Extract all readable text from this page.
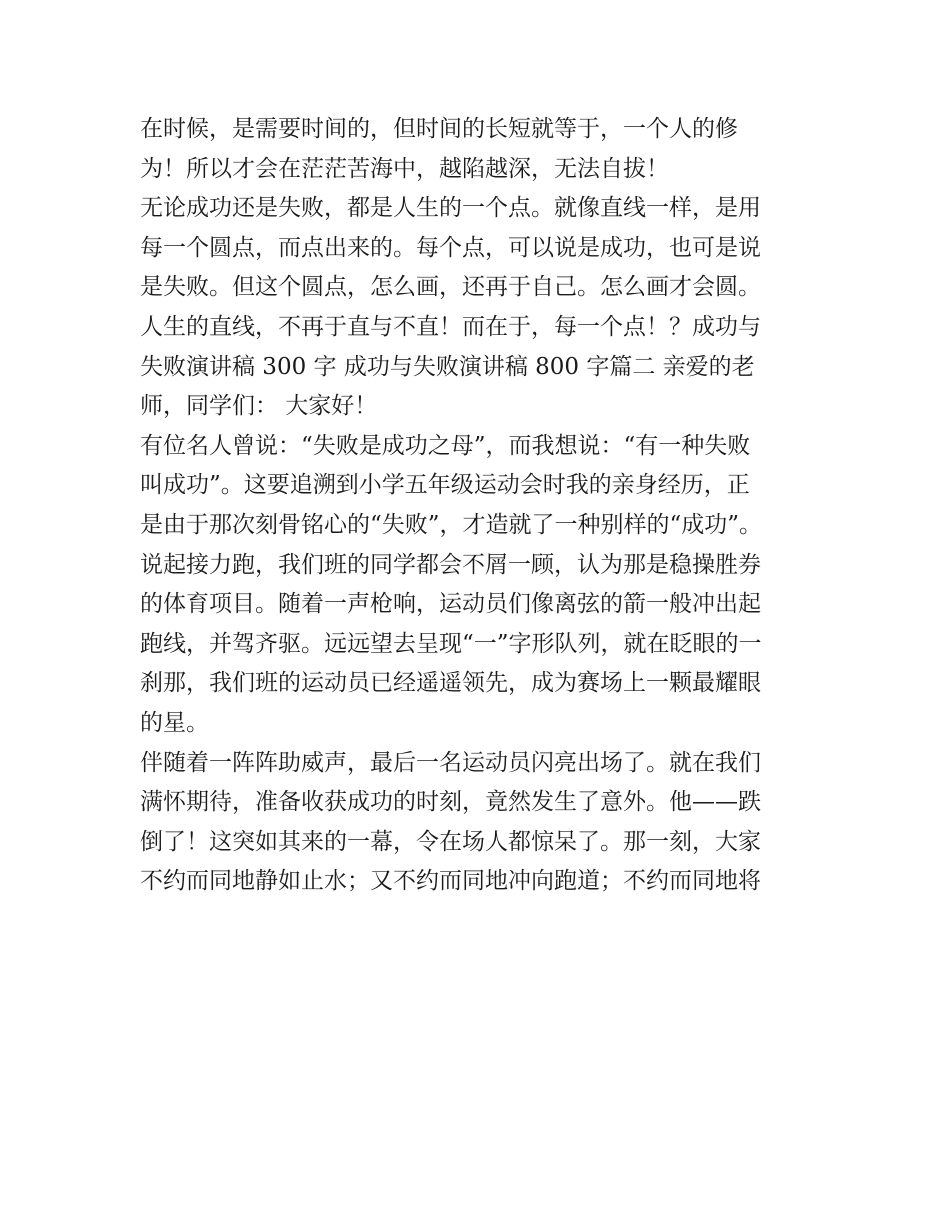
在时候，是需要时间的，但时间的长短就等于，一个人的修
为！所以才会在茫茫苦海中，越陷越深，无法自拔！
无论成功还是失败，都是人生的一个点。就像直线一样，是用
每一个圆点，而点出来的。每个点，可以说是成功，也可是说
是失败。但这个圆点，怎么画，还再于自己。怎么画才会圆。
人生的直线，不再于直与不直！而在于，每一个点！？成功与
失败演讲稿 300 字 成功与失败演讲稿 800 字篇二 亲爱的老
师，同学们： 大家好！
有位名人曾说：“失败是成功之母”，而我想说：“有一种失败
叫成功”。这要追溯到小学五年级运动会时我的亲身经历，正
是由于那次刻骨铭心的“失败”，才造就了一种别样的“成功”。
说起接力跑，我们班的同学都会不屑一顾，认为那是稳操胜券
的体育项目。随着一声枪响，运动员们像离弦的箭一般冲出起
跑线，并驾齐驱。远远望去呈现“一”字形队列，就在眨眼的一
刹那，我们班的运动员已经遥遥领先，成为赛场上一颗最耀眼
的星。
伴随着一阵阵助威声，最后一名运动员闪亮出场了。就在我们
满怀期待，准备收获成功的时刻，竟然发生了意外。他——跌
倒了！这突如其来的一幕，令在场人都惊呆了。那一刻，大家
不约而同地静如止水；又不约而同地冲向跑道；不约而同地将
